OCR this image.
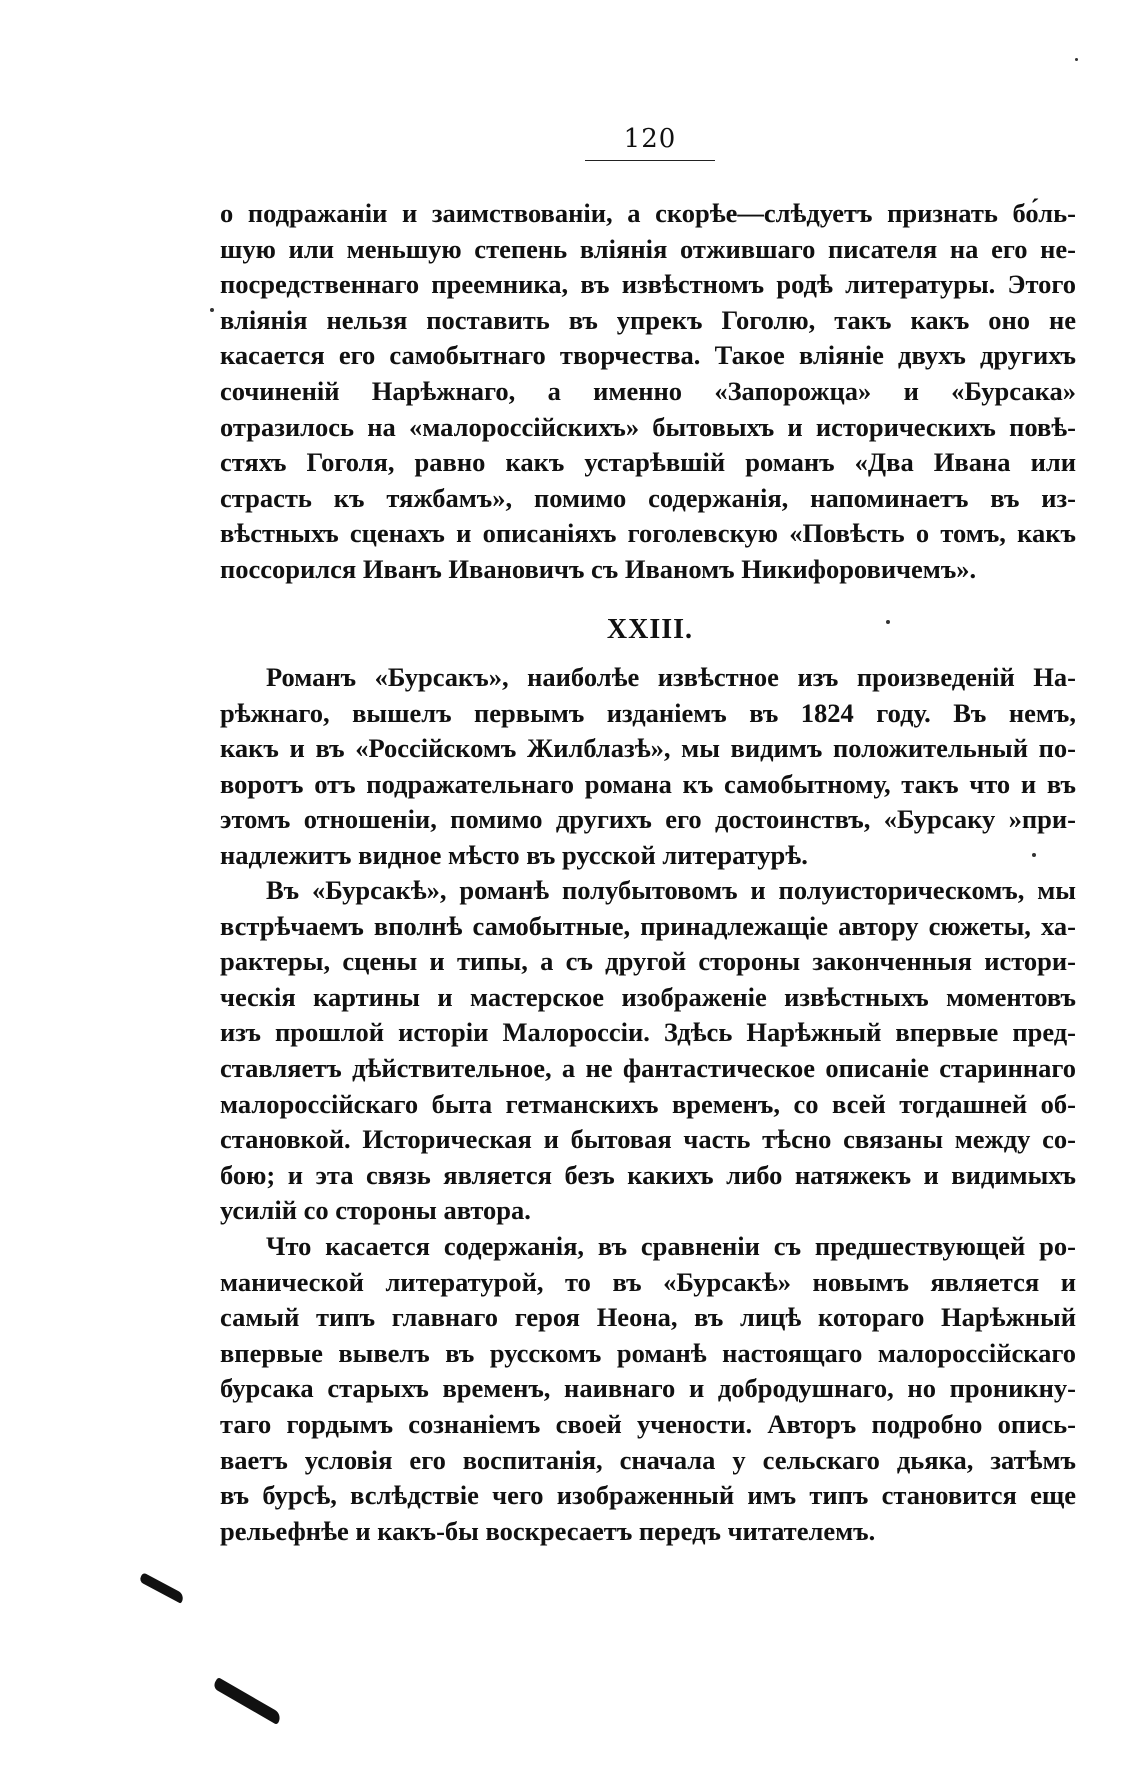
120
о подражаніи и заимствованіи, а скорѣе—слѣдуетъ признать бо́ль-
шую или меньшую степень вліянія отжившаго писателя на его не-
посредственнаго преемника, въ извѣстномъ родѣ литературы. Этого
вліянія нельзя поставить въ упрекъ Гоголю, такъ какъ оно не
касается его самобытнаго творчества. Такое вліяніе двухъ другихъ
сочиненій Нарѣжнаго, а именно «Запорожца» и «Бурсака»
отразилось на «малороссійскихъ» бытовыхъ и историческихъ повѣ-
стяхъ Гоголя, равно какъ устарѣвшій романъ «Два Ивана или
страсть къ тяжбамъ», помимо содержанія, напоминаетъ въ из-
вѣстныхъ сценахъ и описаніяхъ гоголевскую «Повѣсть о томъ, какъ
поссорился Иванъ Ивановичъ съ Иваномъ Никифоровичемъ».
XXIII.
Романъ «Бурсакъ», наиболѣе извѣстное изъ произведеній На-
рѣжнаго, вышелъ первымъ изданіемъ въ 1824 году. Въ немъ,
какъ и въ «Россійскомъ Жилблазѣ», мы видимъ положительный по-
воротъ отъ подражательнаго романа къ самобытному, такъ что и въ
этомъ отношеніи, помимо другихъ его достоинствъ, «Бурсаку »при-
надлежитъ видное мѣсто въ русской литературѣ.
Въ «Бурсакѣ», романѣ полубытовомъ и полуисторическомъ, мы
встрѣчаемъ вполнѣ самобытные, принадлежащіе автору сюжеты, ха-
рактеры, сцены и типы, а съ другой стороны законченныя истори-
ческія картины и мастерское изображеніе извѣстныхъ моментовъ
изъ прошлой исторіи Малороссіи. Здѣсь Нарѣжный впервые пред-
ставляетъ дѣйствительное, а не фантастическое описаніе стариннаго
малороссійскаго быта гетманскихъ временъ, со всей тогдашней об-
становкой. Историческая и бытовая часть тѣсно связаны между со-
бою; и эта связь является безъ какихъ либо натяжекъ и видимыхъ
усилій со стороны автора.
Что касается содержанія, въ сравненіи съ предшествующей ро-
манической литературой, то въ «Бурсакѣ» новымъ является и
самый типъ главнаго героя Неона, въ лицѣ котораго Нарѣжный
впервые вывелъ въ русскомъ романѣ настоящаго малороссійскаго
бурсака старыхъ временъ, наивнаго и добродушнаго, но проникну-
таго гордымъ сознаніемъ своей учености. Авторъ подробно опись-
ваетъ условія его воспитанія, сначала у сельскаго дьяка, затѣмъ
въ бурсѣ, вслѣдствіе чего изображенный имъ типъ становится еще
рельефнѣе и какъ-бы воскресаетъ передъ читателемъ.
